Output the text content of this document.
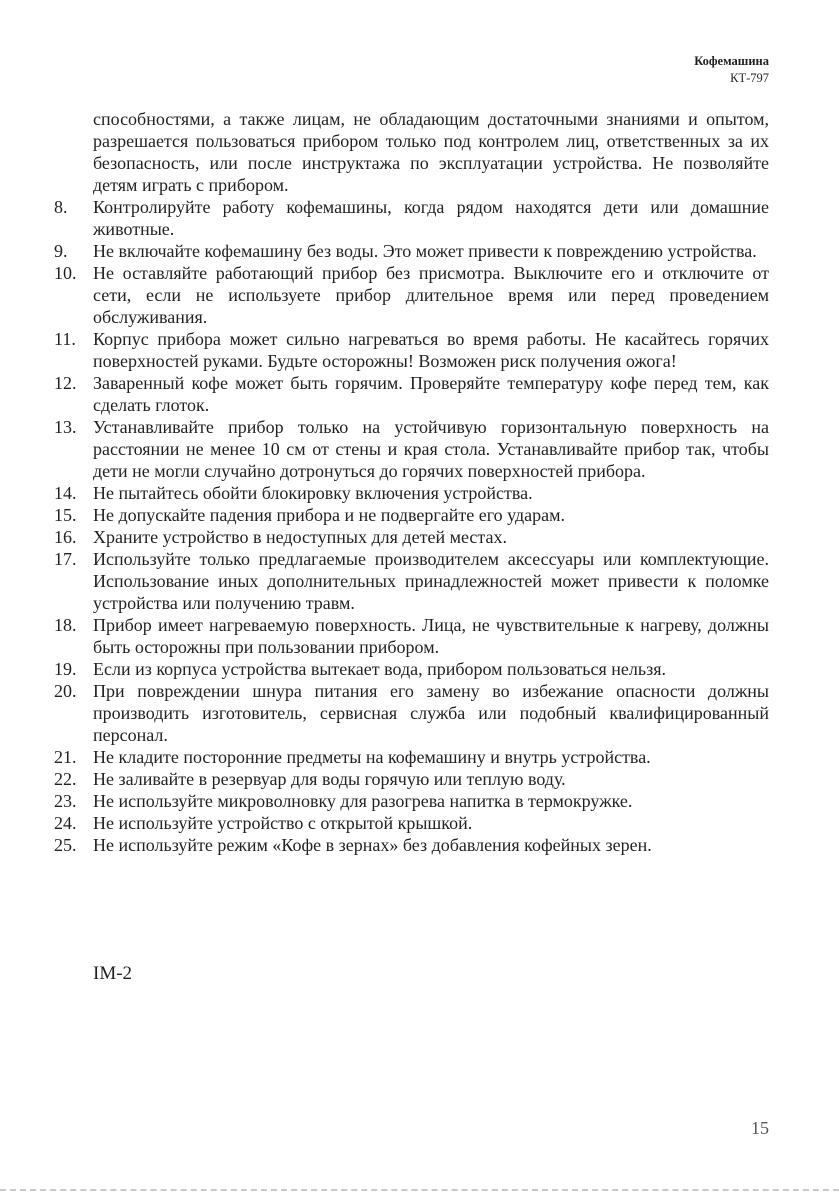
Кофемашина
КТ-797
способностями, а также лицам, не обладающим достаточными знаниями и опытом, разрешается пользоваться прибором только под контролем лиц, ответственных за их безопасность, или после инструктажа по эксплуатации устройства. Не позволяйте детям играть с прибором.
8.	Контролируйте работу кофемашины, когда рядом находятся дети или домашние животные.
9.	Не включайте кофемашину без воды. Это может привести к повреждению устройства.
10. Не оставляйте работающий прибор без присмотра. Выключите его и отключите от сети, если не используете прибор длительное время или перед проведением обслуживания.
11. Корпус прибора может сильно нагреваться во время работы. Не касайтесь горячих поверхностей руками. Будьте осторожны! Возможен риск получения ожога!
12. Заваренный кофе может быть горячим. Проверяйте температуру кофе перед тем, как сделать глоток.
13. Устанавливайте прибор только на устойчивую горизонтальную поверхность на расстоянии не менее 10 см от стены и края стола. Устанавливайте прибор так, чтобы дети не могли случайно дотронуться до горячих поверхностей прибора.
14. Не пытайтесь обойти блокировку включения устройства.
15. Не допускайте падения прибора и не подвергайте его ударам.
16. Храните устройство в недоступных для детей местах.
17. Используйте только предлагаемые производителем аксессуары или комплектующие. Использование иных дополнительных принадлежностей может привести к поломке устройства или получению травм.
18. Прибор имеет нагреваемую поверхность. Лица, не чувствительные к нагреву, должны быть осторожны при пользовании прибором.
19. Если из корпуса устройства вытекает вода, прибором пользоваться нельзя.
20. При повреждении шнура питания его замену во избежание опасности должны производить изготовитель, сервисная служба или подобный квалифицированный персонал.
21. Не кладите посторонние предметы на кофемашину и внутрь устройства.
22. Не заливайте в резервуар для воды горячую или теплую воду.
23. Не используйте микроволновку для разогрева напитка в термокружке.
24. Не используйте устройство с открытой крышкой.
25. Не используйте режим «Кофе в зернах» без добавления кофейных зерен.
IM-2
15
